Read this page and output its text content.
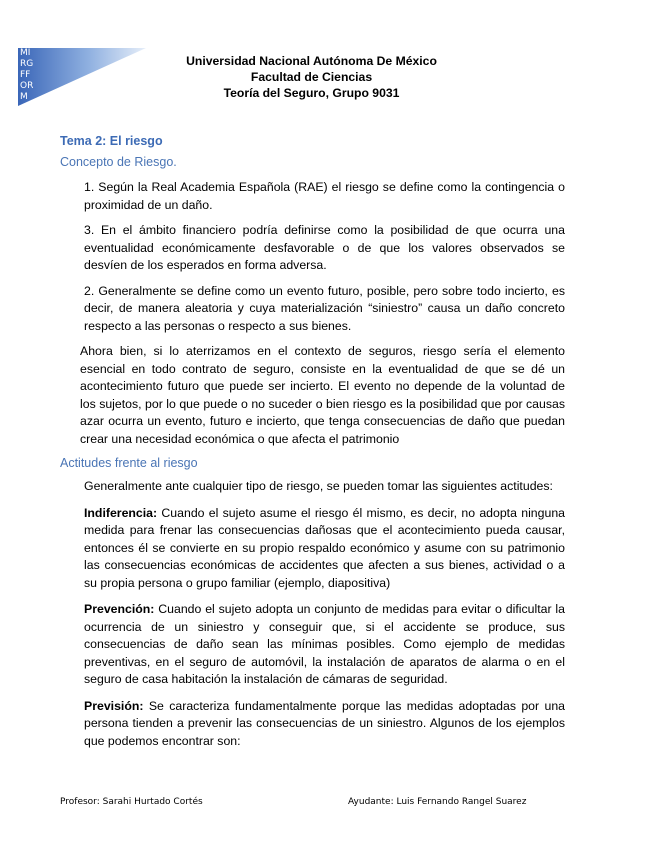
MI
RG
FF
OR
M
Universidad Nacional Autónoma De México
Facultad de Ciencias
Teoría del Seguro, Grupo 9031
Tema 2: El riesgo
Concepto de Riesgo.

1. Según la Real Academia Española (RAE) el riesgo se define como la contingencia o proximidad de un daño.

3. En el ámbito financiero podría definirse como la posibilidad de que ocurra una eventualidad económicamente desfavorable o de que los valores observados se desvíen de los esperados en forma adversa.

2. Generalmente se define como un evento futuro, posible, pero sobre todo incierto, es decir, de manera aleatoria y cuya materialización “siniestro” causa un daño concreto respecto a las personas o respecto a sus bienes.

Ahora bien, si lo aterrizamos en el contexto de seguros, riesgo sería el elemento esencial en todo contrato de seguro, consiste en la eventualidad de que se dé un acontecimiento futuro que puede ser incierto. El evento no depende de la voluntad de los sujetos, por lo que puede o no suceder o bien riesgo es la posibilidad que por causas azar ocurra un evento, futuro e incierto, que tenga consecuencias de daño que puedan crear una necesidad económica o que afecta el patrimonio

Actitudes frente al riesgo

Generalmente ante cualquier tipo de riesgo, se pueden tomar las siguientes actitudes:

Indiferencia: Cuando el sujeto asume el riesgo él mismo, es decir, no adopta ninguna medida para frenar las consecuencias dañosas que el acontecimiento pueda causar, entonces él se convierte en su propio respaldo económico y asume con su patrimonio las consecuencias económicas de accidentes que afecten a sus bienes, actividad o a su propia persona o grupo familiar (ejemplo, diapositiva)

Prevención: Cuando el sujeto adopta un conjunto de medidas para evitar o dificultar la ocurrencia de un siniestro y conseguir que, si el accidente se produce, sus consecuencias de daño sean las mínimas posibles. Como ejemplo de medidas preventivas, en el seguro de automóvil, la instalación de aparatos de alarma o en el seguro de casa habitación la instalación de cámaras de seguridad.

Previsión: Se caracteriza fundamentalmente porque las medidas adoptadas por una persona tienden a prevenir las consecuencias de un siniestro. Algunos de los ejemplos que podemos encontrar son:

Profesor: Sarahi Hurtado Cortés	Ayudante: Luis Fernando Rangel Suarez
